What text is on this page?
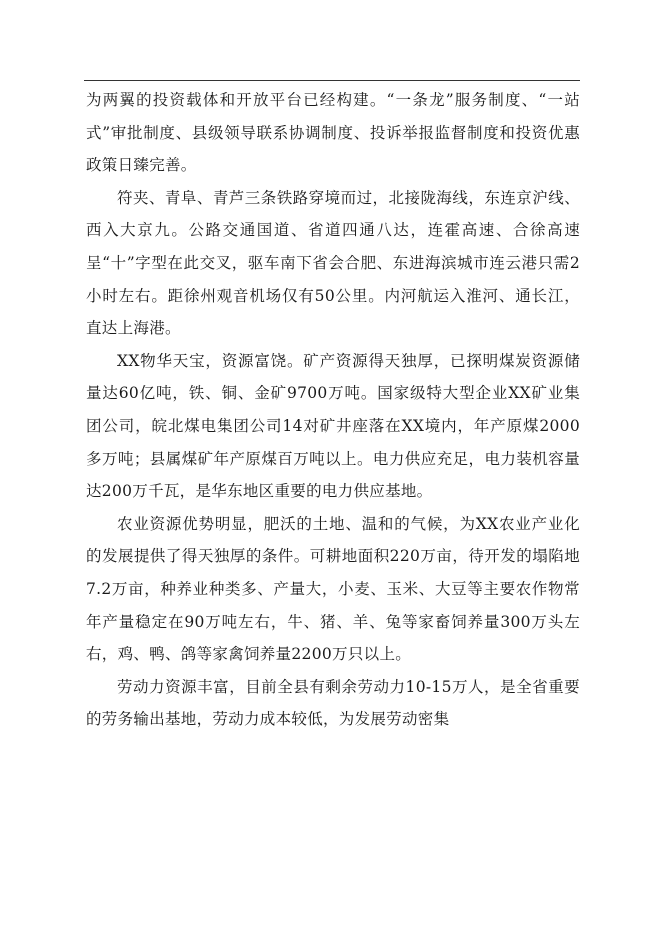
为两翼的投资载体和开放平台已经构建。“一条龙”服务制度、“一站式”审批制度、县级领导联系协调制度、投诉举报监督制度和投资优惠政策日臻完善。

符夹、青阜、青芦三条铁路穿境而过，北接陇海线，东连京沪线、西入大京九。公路交通国道、省道四通八达，连霍高速、合徐高速呈“十”字型在此交叉，驱车南下省会合肥、东进海滨城市连云港只需2小时左右。距徐州观音机场仅有50公里。内河航运入淮河、通长江，直达上海港。

XX物华天宝，资源富饶。矿产资源得天独厚，已探明煤炭资源储量达60亿吨，铁、铜、金矿9700万吨。国家级特大型企业XX矿业集团公司，皖北煤电集团公司14对矿井座落在XX境内，年产原煤2000多万吨；县属煤矿年产原煤百万吨以上。电力供应充足，电力装机容量达200万千瓦，是华东地区重要的电力供应基地。

农业资源优势明显，肥沃的土地、温和的气候，为XX农业产业化的发展提供了得天独厚的条件。可耕地面积220万亩，待开发的塌陷地7.2万亩，种养业种类多、产量大，小麦、玉米、大豆等主要农作物常年产量稳定在90万吨左右，牛、猪、羊、兔等家畜饲养量300万头左右，鸡、鸭、鸽等家禽饲养量2200万只以上。

劳动力资源丰富，目前全县有剩余劳动力10-15万人，是全省重要的劳务输出基地，劳动力成本较低，为发展劳动密集
